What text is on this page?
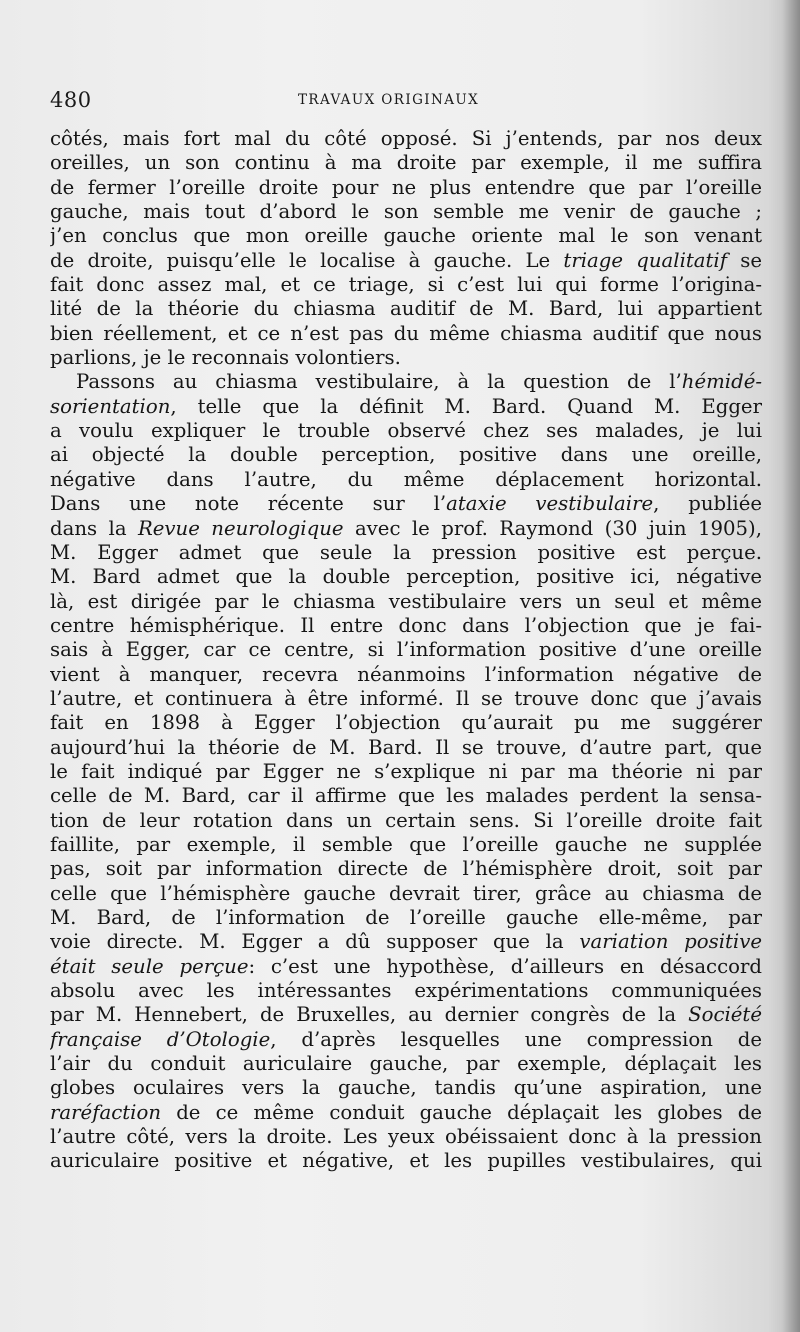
480	TRAVAUX ORIGINAUX
côtés, mais fort mal du côté opposé. Si j’entends, par nos deux
oreilles, un son continu à ma droite par exemple, il me suffira
de fermer l’oreille droite pour ne plus entendre que par l’oreille
gauche, mais tout d’abord le son semble me venir de gauche ;
j’en conclus que mon oreille gauche oriente mal le son venant
de droite, puisqu’elle le localise à gauche. Le triage qualitatif se
fait donc assez mal, et ce triage, si c’est lui qui forme l’origina-
lité de la théorie du chiasma auditif de M. Bard, lui appartient
bien réellement, et ce n’est pas du même chiasma auditif que nous
parlions, je le reconnais volontiers.
Passons au chiasma vestibulaire, à la question de l’hémidé-
sorientation, telle que la définit M. Bard. Quand M. Egger
a voulu expliquer le trouble observé chez ses malades, je lui
ai objecté la double perception, positive dans une oreille,
négative dans l’autre, du même déplacement horizontal.
Dans une note récente sur l’ataxie vestibulaire, publiée
dans la Revue neurologique avec le prof. Raymond (30 juin 1905),
M. Egger admet que seule la pression positive est perçue.
M. Bard admet que la double perception, positive ici, négative
là, est dirigée par le chiasma vestibulaire vers un seul et même
centre hémisphérique. Il entre donc dans l’objection que je fai-
sais à Egger, car ce centre, si l’information positive d’une oreille
vient à manquer, recevra néanmoins l’information négative de
l’autre, et continuera à être informé. Il se trouve donc que j’avais
fait en 1898 à Egger l’objection qu’aurait pu me suggérer
aujourd’hui la théorie de M. Bard. Il se trouve, d’autre part, que
le fait indiqué par Egger ne s’explique ni par ma théorie ni par
celle de M. Bard, car il affirme que les malades perdent la sensa-
tion de leur rotation dans un certain sens. Si l’oreille droite fait
faillite, par exemple, il semble que l’oreille gauche ne supplée
pas, soit par information directe de l’hémisphère droit, soit par
celle que l’hémisphère gauche devrait tirer, grâce au chiasma de
M. Bard, de l’information de l’oreille gauche elle-même, par
voie directe. M. Egger a dû supposer que la variation positive
était seule perçue: c’est une hypothèse, d’ailleurs en désaccord
absolu avec les intéressantes expérimentations communiquées
par M. Hennebert, de Bruxelles, au dernier congrès de la Société
française d’Otologie, d’après lesquelles une compression de
l’air du conduit auriculaire gauche, par exemple, déplaçait les
globes oculaires vers la gauche, tandis qu’une aspiration, une
raréfaction de ce même conduit gauche déplaçait les globes de
l’autre côté, vers la droite. Les yeux obéissaient donc à la pression
auriculaire positive et négative, et les pupilles vestibulaires, qui
